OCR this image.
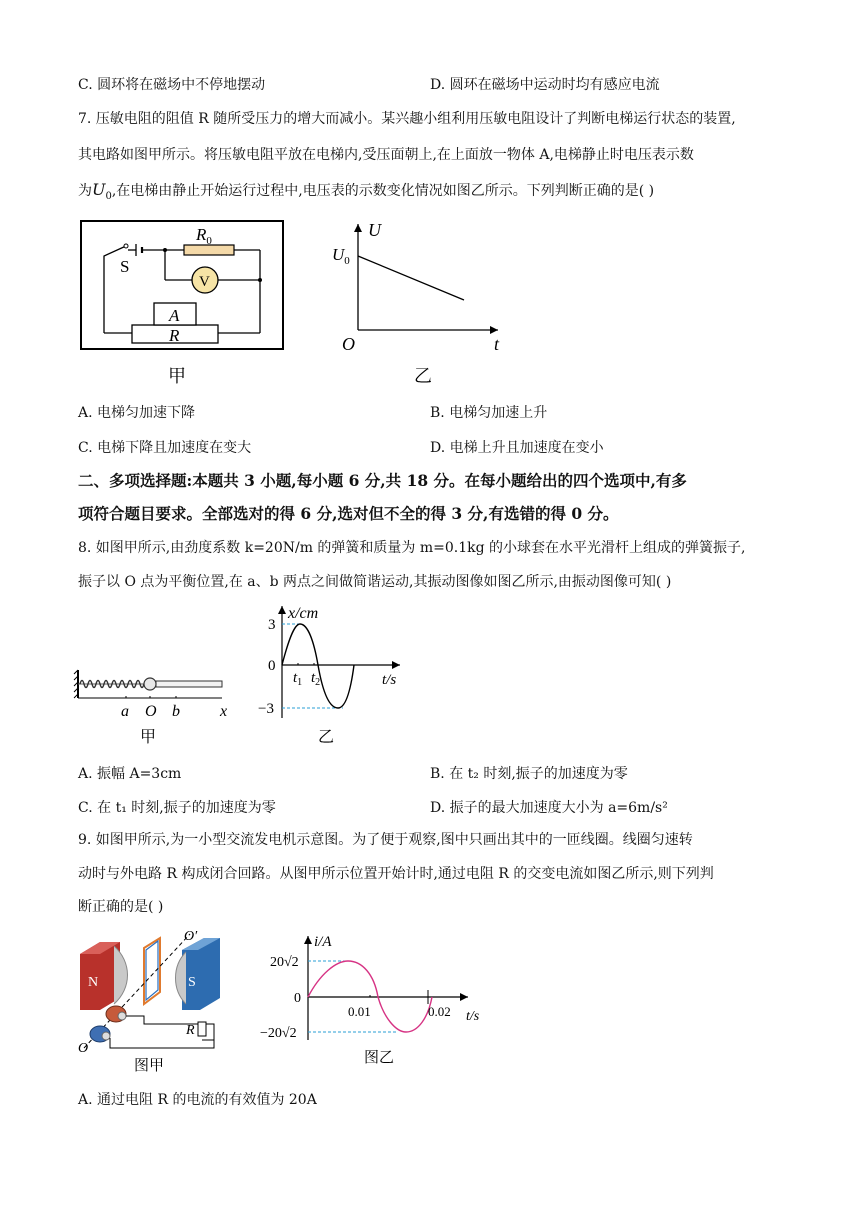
C. 圆环将在磁场中不停地摆动	D. 圆环在磁场中运动时均有感应电流
7. 压敏电阻的阻值 R 随所受压力的增大而减小。某兴趣小组利用压敏电阻设计了判断电梯运行状态的装置,
其电路如图甲所示。将压敏电阻平放在电梯内,受压面朝上,在上面放一物体 A,电梯静止时电压表示数
为$U_0$,在电梯由静止开始运行过程中,电压表的示数变化情况如图乙所示。下列判断正确的是( )
S
$R_0$
V
A
R
甲
U
$U_0$
O	t
乙
A. 电梯匀加速下降	B. 电梯匀加速上升
C. 电梯下降且加速度在变大	D. 电梯上升且加速度在变小
二、多项选择题:本题共 3 小题,每小题 6 分,共 18 分。在每小题给出的四个选项中,有多
项符合题目要求。全部选对的得 6 分,选对但不全的得 3 分,有选错的得 0 分。
8. 如图甲所示,由劲度系数 k=20N/m 的弹簧和质量为 m=0.1kg 的小球套在水平光滑杆上组成的弹簧振子,
振子以 O 点为平衡位置,在 a、b 两点之间做简谐运动,其振动图像如图乙所示,由振动图像可知( )
a O b	x
甲
x/cm
3
0
−3
$t_1$ $t_2$	t/s
乙
A. 振幅 A=3cm	B. 在 t₂ 时刻,振子的加速度为零
C. 在 t₁ 时刻,振子的加速度为零	D. 振子的最大加速度大小为 a=6m/s²
9. 如图甲所示,为一小型交流发电机示意图。为了便于观察,图中只画出其中的一匝线圈。线圈匀速转
动时与外电路 R 构成闭合回路。从图甲所示位置开始计时,通过电阻 R 的交变电流如图乙所示,则下列判
断正确的是( )
N	S
O′
O
R
图甲
i/A
20√2
0
−20√2
0.01	0.02 t/s
图乙
A. 通过电阻 R 的电流的有效值为 20A
